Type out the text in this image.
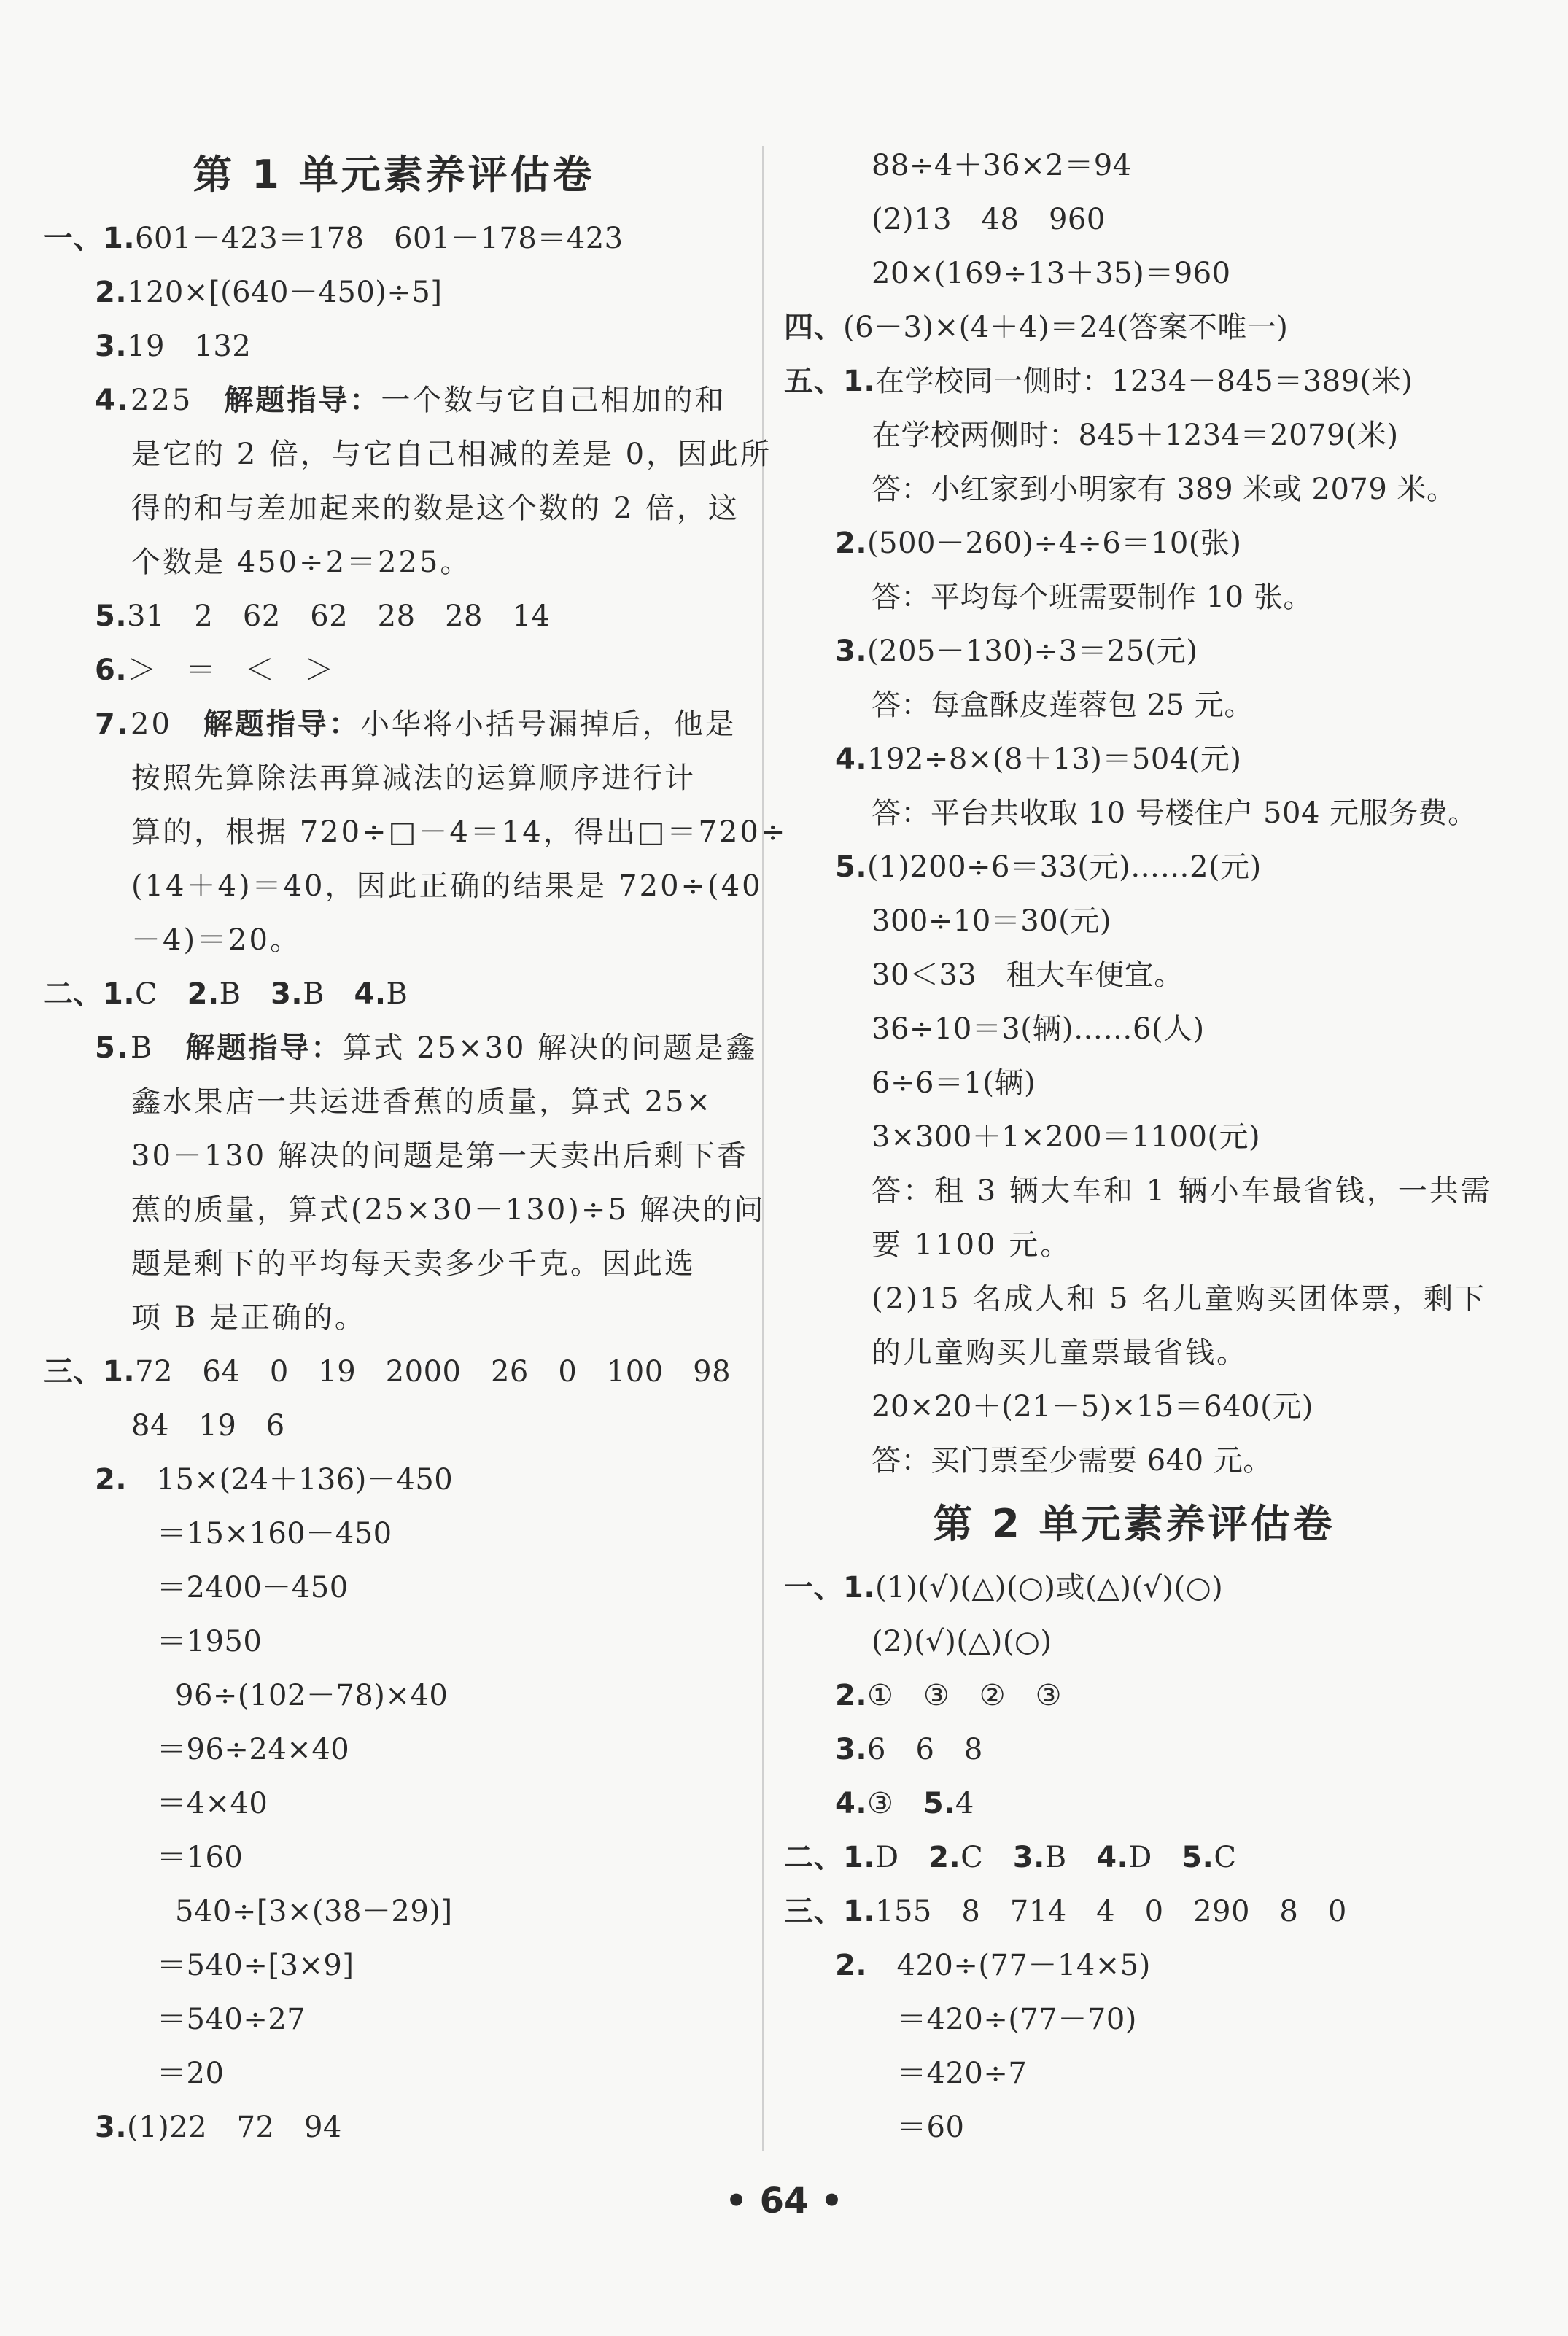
第 1 单元素养评估卷
一、1.601－423＝178　601－178＝423
2.120×[(640－450)÷5]
3.19　132
4.225　解题指导：一个数与它自己相加的和
是它的 2 倍，与它自己相减的差是 0，因此所
得的和与差加起来的数是这个数的 2 倍，这
个数是 450÷2＝225。
5.31　2　62　62　28　28　14
6.＞　＝　＜　＞
7.20　解题指导：小华将小括号漏掉后，他是
按照先算除法再算减法的运算顺序进行计
算的，根据 720÷□－4＝14，得出□＝720÷
(14＋4)＝40，因此正确的结果是 720÷(40
－4)＝20。
二、1.C　2.B　3.B　4.B
5.B　解题指导：算式 25×30 解决的问题是鑫
鑫水果店一共运进香蕉的质量，算式 25×
30－130 解决的问题是第一天卖出后剩下香
蕉的质量，算式(25×30－130)÷5 解决的问
题是剩下的平均每天卖多少千克。因此选
项 B 是正确的。
三、1.72　64　0　19　2000　26　0　100　98
84　19　6
2.　15×(24＋136)－450
＝15×160－450
＝2400－450
＝1950
96÷(102－78)×40
＝96÷24×40
＝4×40
＝160
540÷[3×(38－29)]
＝540÷[3×9]
＝540÷27
＝20
3.(1)22　72　94
88÷4＋36×2＝94
(2)13　48　960
20×(169÷13＋35)＝960
四、(6－3)×(4＋4)＝24(答案不唯一)
五、1.在学校同一侧时：1234－845＝389(米)
在学校两侧时：845＋1234＝2079(米)
答：小红家到小明家有 389 米或 2079 米。
2.(500－260)÷4÷6＝10(张)
答：平均每个班需要制作 10 张。
3.(205－130)÷3＝25(元)
答：每盒酥皮莲蓉包 25 元。
4.192÷8×(8＋13)＝504(元)
答：平台共收取 10 号楼住户 504 元服务费。
5.(1)200÷6＝33(元)……2(元)
300÷10＝30(元)
30＜33　租大车便宜。
36÷10＝3(辆)……6(人)
6÷6＝1(辆)
3×300＋1×200＝1100(元)
答：租 3 辆大车和 1 辆小车最省钱，一共需
要 1100 元。
(2)15 名成人和 5 名儿童购买团体票，剩下
的儿童购买儿童票最省钱。
20×20＋(21－5)×15＝640(元)
答：买门票至少需要 640 元。
第 2 单元素养评估卷
一、1.(1)(√)(△)(○)或(△)(√)(○)
(2)(√)(△)(○)
2.①　③　②　③
3.6　6　8
4.③　5.4
二、1.D　2.C　3.B　4.D　5.C
三、1.155　8　714　4　0　290　8　0
2.　420÷(77－14×5)
＝420÷(77－70)
＝420÷7
＝60
• 64 •
